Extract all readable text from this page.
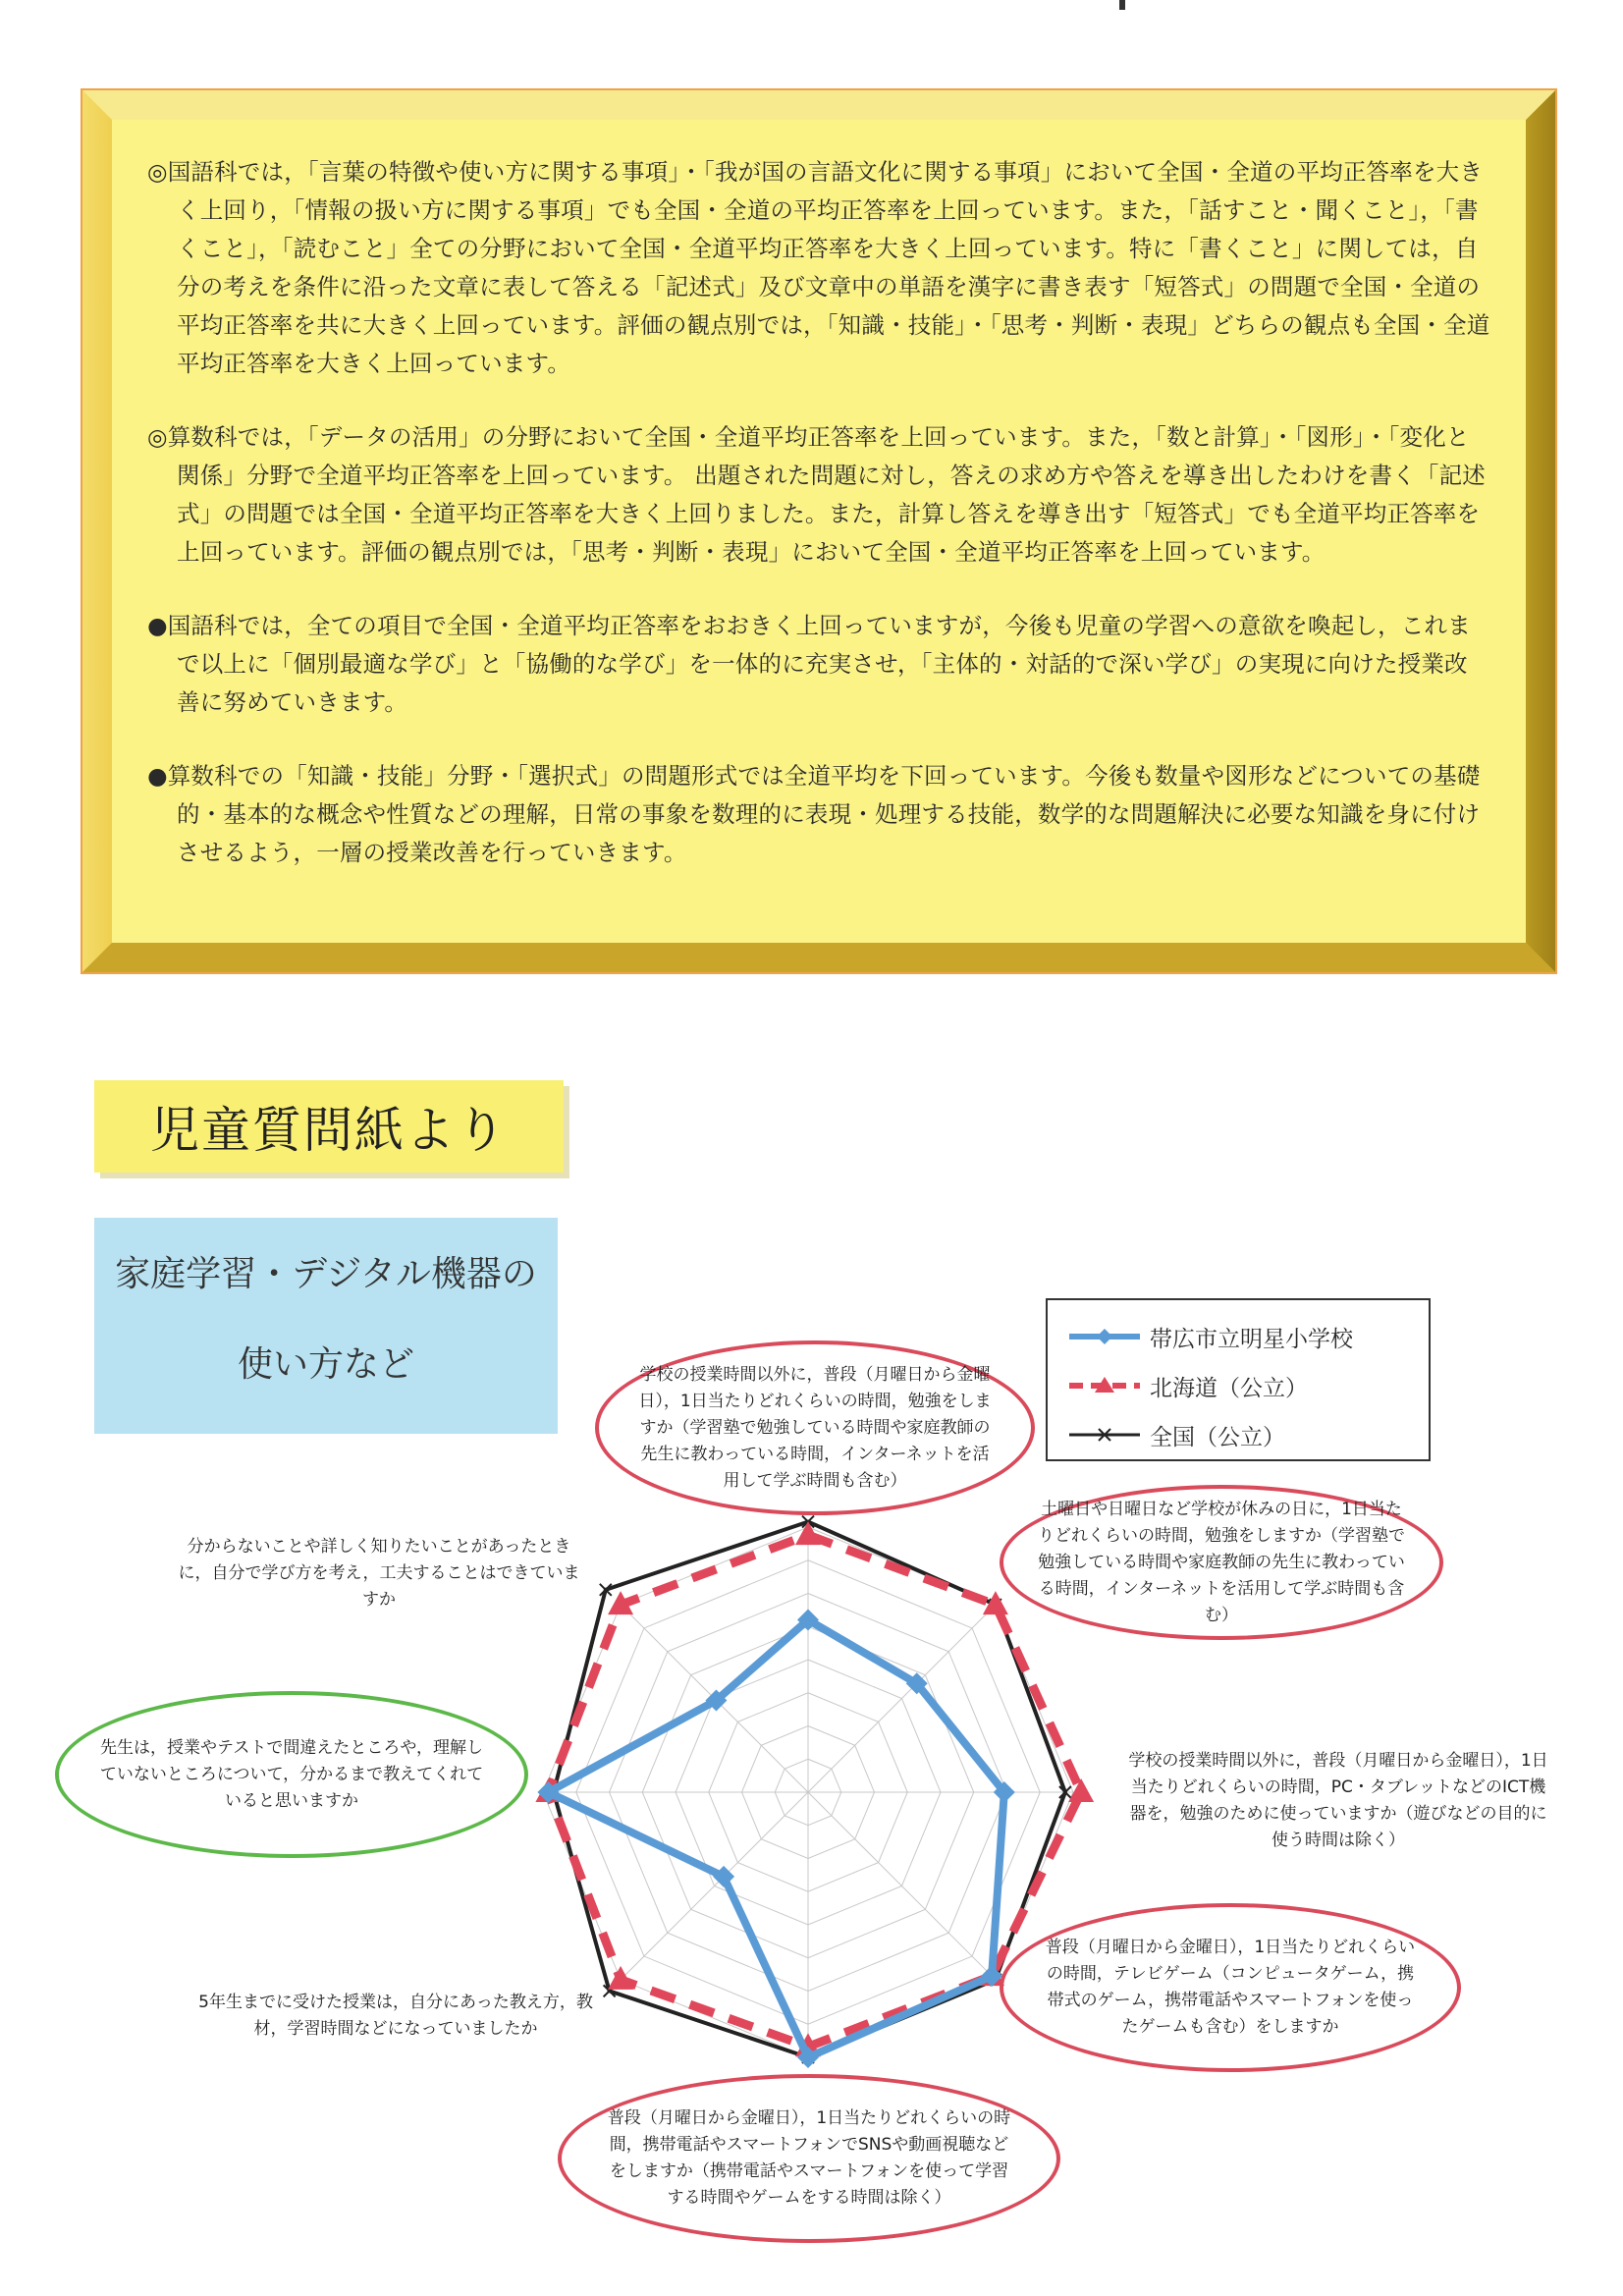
◎国語科では，「言葉の特徴や使い方に関する事項」・「我が国の言語文化に関する事項」において全国・全道の平均正答率を大きく上回り，「情報の扱い方に関する事項」でも全国・全道の平均正答率を上回っています。また，「話すこと・聞くこと」，「書くこと」，「読むこと」全ての分野において全国・全道平均正答率を大きく上回っています。特に「書くこと」に関しては，自分の考えを条件に沿った文章に表して答える「記述式」及び文章中の単語を漢字に書き表す「短答式」の問題で全国・全道の平均正答率を共に大きく上回っています。評価の観点別では，「知識・技能」・「思考・判断・表現」どちらの観点も全国・全道平均正答率を大きく上回っています。

◎算数科では，「データの活用」の分野において全国・全道平均正答率を上回っています。また，「数と計算」・「図形」・「変化と関係」分野で全道平均正答率を上回っています。 出題された問題に対し，答えの求め方や答えを導き出したわけを書く「記述式」の問題では全国・全道平均正答率を大きく上回りました。また，計算し答えを導き出す「短答式」でも全道平均正答率を上回っています。評価の観点別では，「思考・判断・表現」において全国・全道平均正答率を上回っています。

●国語科では，全ての項目で全国・全道平均正答率をおおきく上回っていますが，今後も児童の学習への意欲を喚起し，これまで以上に「個別最適な学び」と「協働的な学び」を一体的に充実させ，「主体的・対話的で深い学び」の実現に向けた授業改善に努めていきます。

●算数科での「知識・技能」分野・「選択式」の問題形式では全道平均を下回っています。今後も数量や図形などについての基礎的・基本的な概念や性質などの理解，日常の事象を数理的に表現・処理する技能，数学的な問題解決に必要な知識を身に付けさせるよう，一層の授業改善を行っていきます。

児童質問紙より
家庭学習・デジタル機器の
使い方など
帯広市立明星小学校
北海道（公立）
全国（公立）
学校の授業時間以外に，普段（月曜日から金曜日），1日当たりどれくらいの時間，勉強をしますか（学習塾で勉強している時間や家庭教師の先生に教わっている時間，インターネットを活用して学ぶ時間も含む）
土曜日や日曜日など学校が休みの日に，1日当たりどれくらいの時間，勉強をしますか（学習塾で勉強している時間や家庭教師の先生に教わっている時間，インターネットを活用して学ぶ時間も含む）
学校の授業時間以外に，普段（月曜日から金曜日），1日当たりどれくらいの時間，PC・タブレットなどのICT機器を，勉強のために使っていますか（遊びなどの目的に使う時間は除く）
普段（月曜日から金曜日），1日当たりどれくらいの時間，テレビゲーム（コンピュータゲーム，携帯式のゲーム，携帯電話やスマートフォンを使ったゲームも含む）をしますか
普段（月曜日から金曜日），1日当たりどれくらいの時間，携帯電話やスマートフォンでSNSや動画視聴などをしますか（携帯電話やスマートフォンを使って学習する時間やゲームをする時間は除く）
5年生までに受けた授業は，自分にあった教え方，教材，学習時間などになっていましたか
先生は，授業やテストで間違えたところや，理解していないところについて，分かるまで教えてくれていると思いますか
分からないことや詳しく知りたいことがあったときに，自分で学び方を考え，工夫することはできていますか
